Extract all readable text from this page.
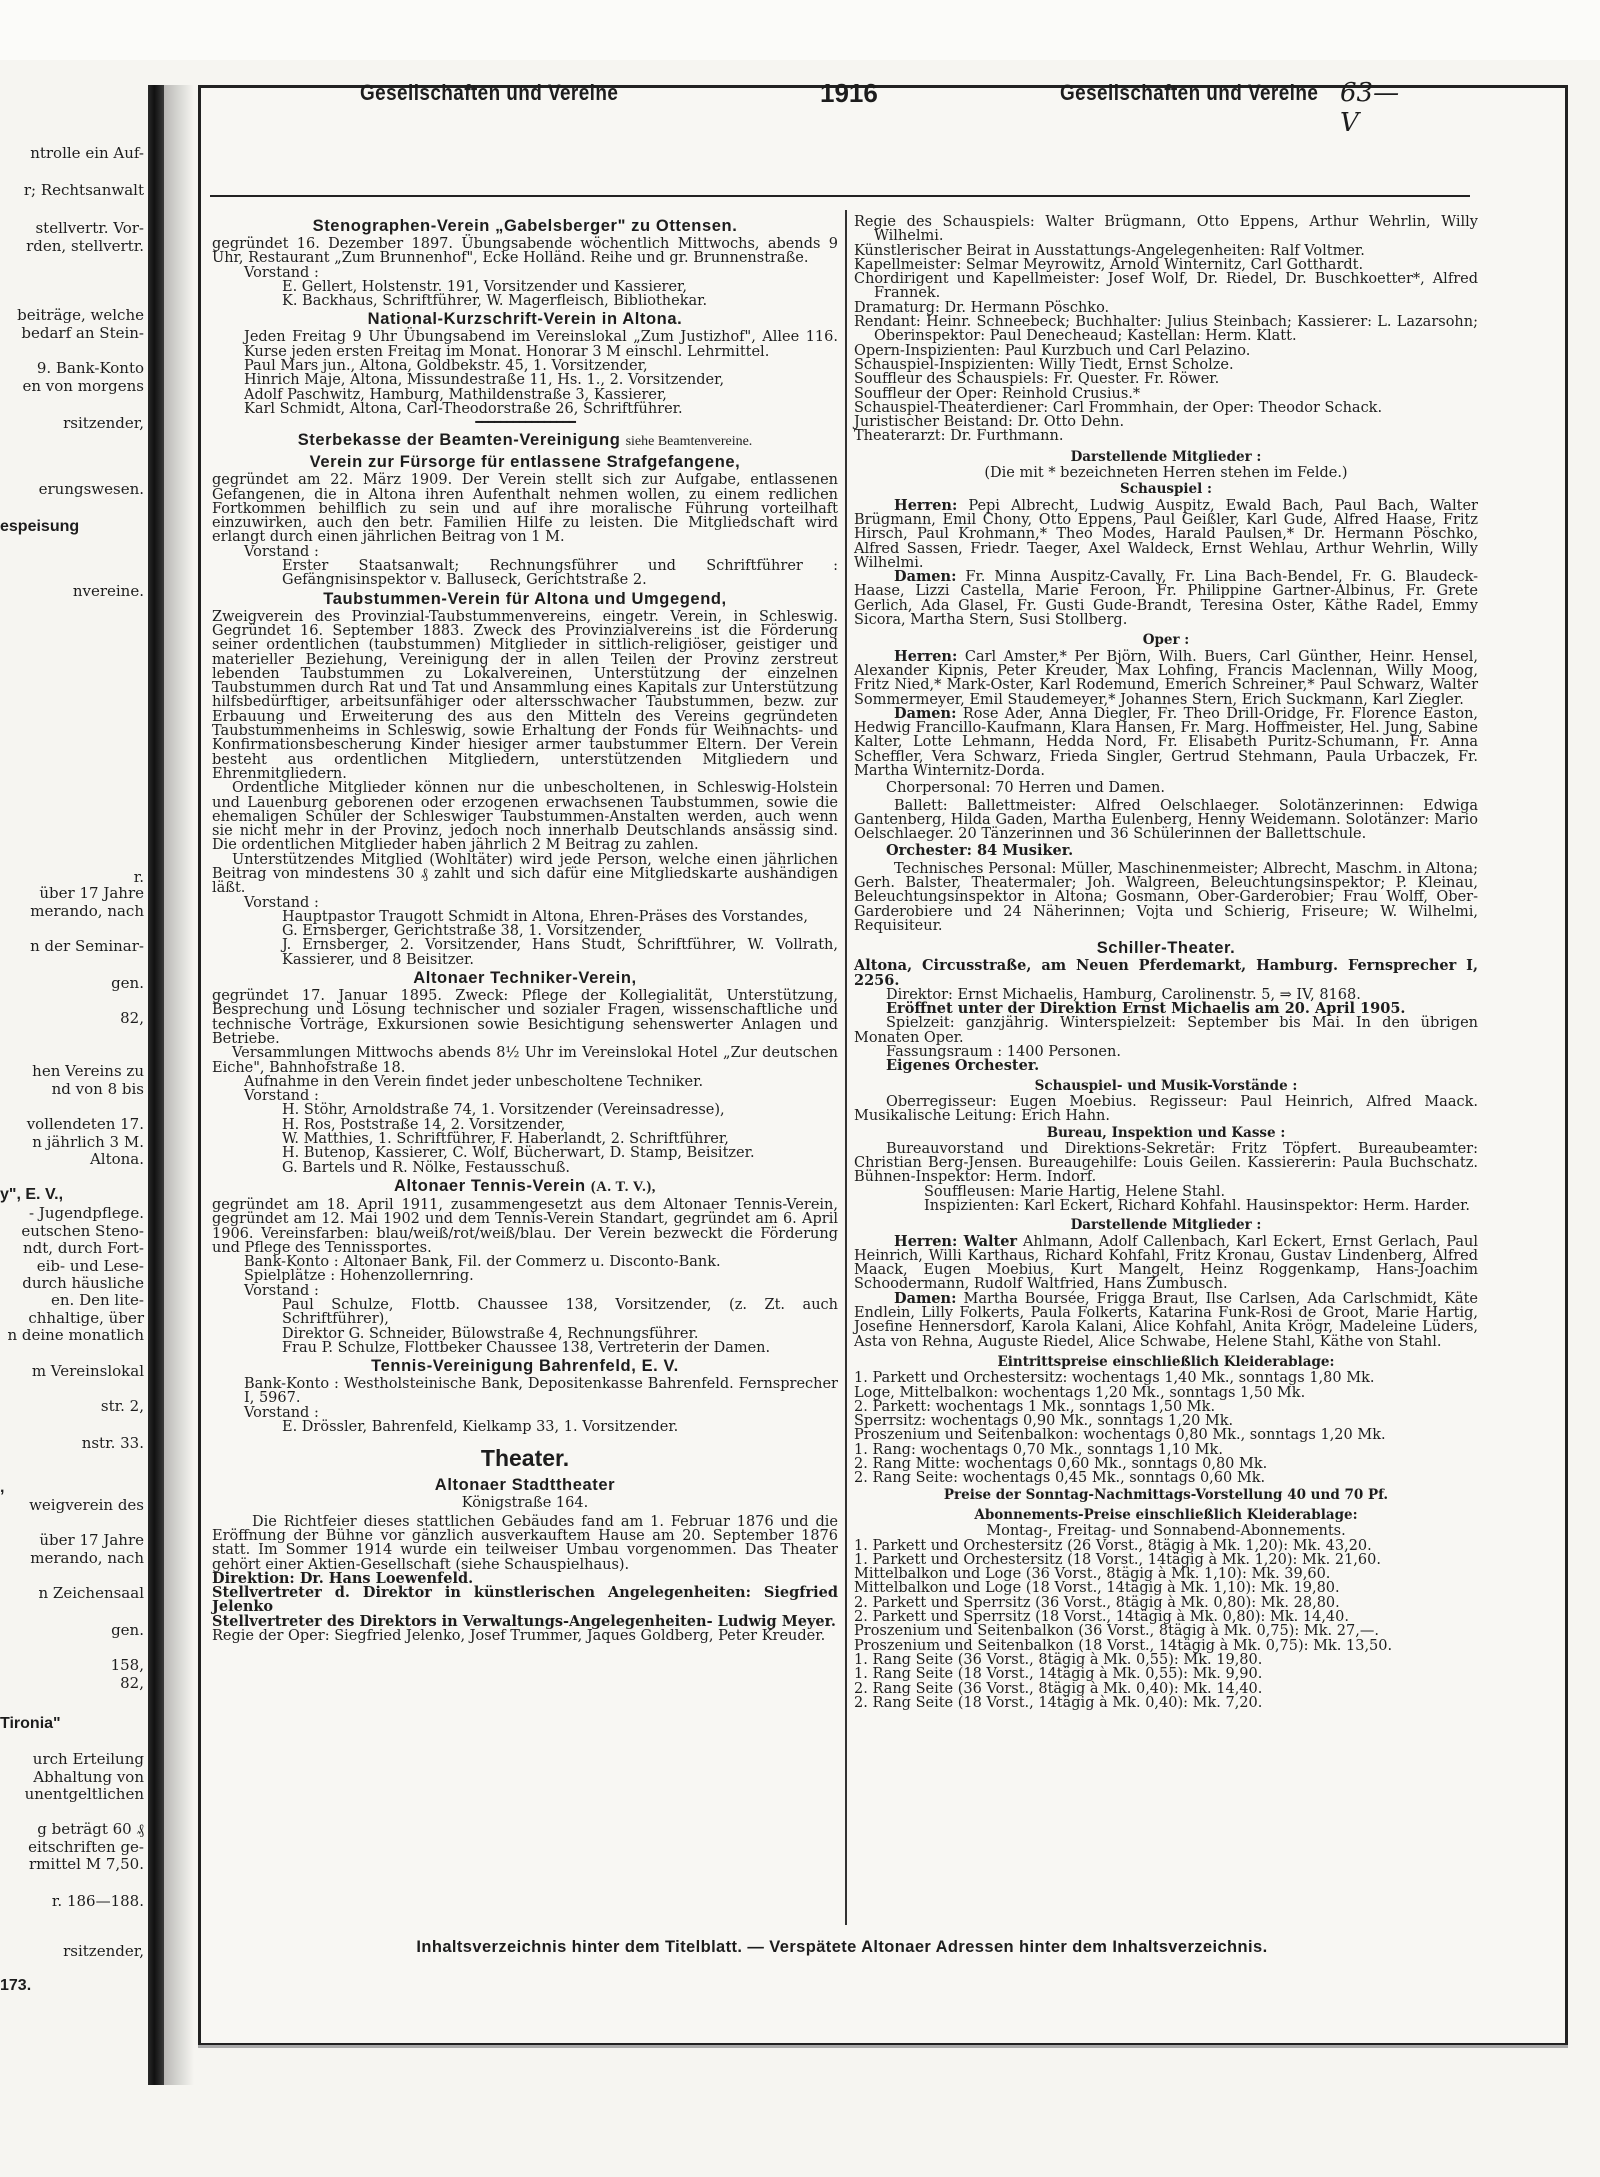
ntrolle ein Auf-
r; Rechtsanwalt
stellvertr. Vor-
rden, stellvertr.
beiträge, welche
bedarf an Stein-
9. Bank-Konto
en von morgens
rsitzender,
erungswesen.
espeisung
nvereine.
r.
über 17 Jahre
merando, nach
n der Seminar-
gen.
82,
hen Vereins zu
nd von 8 bis
vollendeten 17.
n jährlich 3 M.
Altona.
y", E. V.,
- Jugendpflege.
eutschen Steno-
ndt, durch Fort-
eib- und Lese-
durch häusliche
en. Den lite-
chhaltige, über
n deine monatlich
m Vereinslokal
str. 2,
nstr. 33.
,
weigverein des
über 17 Jahre
merando, nach
n Zeichensaal
gen.
158,
82,
Tironia"
urch Erteilung
Abhaltung von
unentgeltlichen
g beträgt 60 ₰
eitschriften ge-
rmittel M 7,50.
r. 186—188.
rsitzender,
173.
Gesellschaften und Vereine	1916	Gesellschaften und Vereine 63—V
Stenographen-Verein „Gabelsberger" zu Ottensen.

gegründet 16. Dezember 1897. Übungsabende wöchentlich Mittwochs, abends 9 Uhr, Restaurant „Zum Brunnenhof", Ecke Holländ. Reihe und gr. Brunnenstraße.

Vorstand :

E. Gellert, Holstenstr. 191, Vorsitzender und Kassierer,

K. Backhaus, Schriftführer, W. Magerfleisch, Bibliothekar.

National-Kurzschrift-Verein in Altona.

Jeden Freitag 9 Uhr Übungsabend im Vereinslokal „Zum Justizhof", Allee 116. Kurse jeden ersten Freitag im Monat. Honorar 3 M einschl. Lehrmittel.

Paul Mars jun., Altona, Goldbekstr. 45, 1. Vorsitzender,

Hinrich Maje, Altona, Missundestraße 11, Hs. 1., 2. Vorsitzender,

Adolf Paschwitz, Hamburg, Mathildenstraße 3, Kassierer,

Karl Schmidt, Altona, Carl-Theodorstraße 26, Schriftführer.

━━━━━━━━━━━━━━━━
Sterbekasse der Beamten-Vereinigung siehe Beamtenvereine.
Verein zur Fürsorge für entlassene Strafgefangene,

gegründet am 22. März 1909. Der Verein stellt sich zur Aufgabe, entlassenen Gefangenen, die in Altona ihren Aufenthalt nehmen wollen, zu einem redlichen Fortkommen behilflich zu sein und auf ihre moralische Führung vorteilhaft einzuwirken, auch den betr. Familien Hilfe zu leisten. Die Mitgliedschaft wird erlangt durch einen jährlichen Beitrag von 1 M.

Vorstand :

Erster Staatsanwalt; Rechnungsführer und Schriftführer : Gefängnisinspektor v. Balluseck, Gerichtstraße 2.

Taubstummen-Verein für Altona und Umgegend,

Zweigverein des Provinzial-Taubstummenvereins, eingetr. Verein, in Schleswig. Gegründet 16. September 1883. Zweck des Provinzialvereins ist die Förderung seiner ordentlichen (taubstummen) Mitglieder in sittlich-religiöser, geistiger und materieller Beziehung, Vereinigung der in allen Teilen der Provinz zerstreut lebenden Taubstummen zu Lokalvereinen, Unterstützung der einzelnen Taubstummen durch Rat und Tat und Ansammlung eines Kapitals zur Unterstützung hilfsbedürftiger, arbeitsunfähiger oder altersschwacher Taubstummen, bezw. zur Erbauung und Erweiterung des aus den Mitteln des Vereins gegründeten Taubstummenheims in Schleswig, sowie Erhaltung der Fonds für Weihnachts- und Konfirmationsbescherung Kinder hiesiger armer taubstummer Eltern. Der Verein besteht aus ordentlichen Mitgliedern, unterstützenden Mitgliedern und Ehrenmitgliedern.

Ordentliche Mitglieder können nur die unbescholtenen, in Schleswig-Holstein und Lauenburg geborenen oder erzogenen erwachsenen Taubstummen, sowie die ehemaligen Schüler der Schleswiger Taubstummen-Anstalten werden, auch wenn sie nicht mehr in der Provinz, jedoch noch innerhalb Deutschlands ansässig sind. Die ordentlichen Mitglieder haben jährlich 2 M Beitrag zu zahlen.

Unterstützendes Mitglied (Wohltäter) wird jede Person, welche einen jährlichen Beitrag von mindestens 30 ₰ zahlt und sich dafür eine Mitgliedskarte aushändigen läßt.

Vorstand :

Hauptpastor Traugott Schmidt in Altona, Ehren-Präses des Vorstandes,

G. Ernsberger, Gerichtstraße 38, 1. Vorsitzender,

J. Ernsberger, 2. Vorsitzender, Hans Studt, Schriftführer, W. Vollrath, Kassierer, und 8 Beisitzer.

Altonaer Techniker-Verein,

gegründet 17. Januar 1895. Zweck: Pflege der Kollegialität, Unterstützung, Besprechung und Lösung technischer und sozialer Fragen, wissenschaftliche und technische Vorträge, Exkursionen sowie Besichtigung sehenswerter Anlagen und Betriebe.

Versammlungen Mittwochs abends 8½ Uhr im Vereinslokal Hotel „Zur deutschen Eiche", Bahnhofstraße 18.

Aufnahme in den Verein findet jeder unbescholtene Techniker.

Vorstand :

H. Stöhr, Arnoldstraße 74, 1. Vorsitzender (Vereinsadresse),

H. Ros, Poststraße 14, 2. Vorsitzender,

W. Matthies, 1. Schriftführer, F. Haberlandt, 2. Schriftführer,

H. Butenop, Kassierer, C. Wolf, Bücherwart, D. Stamp, Beisitzer.

G. Bartels und R. Nölke, Festausschuß.

Altonaer Tennis-Verein (A. T. V.),

gegründet am 18. April 1911, zusammengesetzt aus dem Altonaer Tennis-Verein, gegründet am 12. Mai 1902 und dem Tennis-Verein Standart, gegründet am 6. April 1906. Vereinsfarben: blau/weiß/rot/weiß/blau. Der Verein bezweckt die Förderung und Pflege des Tennissportes.

Bank-Konto : Altonaer Bank, Fil. der Commerz u. Disconto-Bank.

Spielplätze : Hohenzollernring.

Vorstand :

Paul Schulze, Flottb. Chaussee 138, Vorsitzender, (z. Zt. auch Schriftführer),

Direktor G. Schneider, Bülowstraße 4, Rechnungsführer.

Frau P. Schulze, Flottbeker Chaussee 138, Vertreterin der Damen.

Tennis-Vereinigung Bahrenfeld, E. V.

Bank-Konto : Westholsteinische Bank, Depositenkasse Bahrenfeld. Fernsprecher I, 5967.

Vorstand :

E. Drössler, Bahrenfeld, Kielkamp 33, 1. Vorsitzender.

Theater.
Altonaer Stadttheater

Königstraße 164.

Die Richtfeier dieses stattlichen Gebäudes fand am 1. Februar 1876 und die Eröffnung der Bühne vor gänzlich ausverkauftem Hause am 20. September 1876 statt. Im Sommer 1914 wurde ein teilweiser Umbau vorgenommen. Das Theater gehört einer Aktien-Gesellschaft (siehe Schauspielhaus).

Direktion: Dr. Hans Loewenfeld.

Stellvertreter d. Direktor in künstlerischen Angelegenheiten: Siegfried Jelenko

Stellvertreter des Direktors in Verwaltungs-Angelegenheiten- Ludwig Meyer.

Regie der Oper: Siegfried Jelenko, Josef Trummer, Jaques Goldberg, Peter Kreuder.

Regie des Schauspiels: Walter Brügmann, Otto Eppens, Arthur Wehrlin, Willy Wilhelmi.

Künstlerischer Beirat in Ausstattungs-Angelegenheiten: Ralf Voltmer.

Kapellmeister: Selmar Meyrowitz, Arnold Winternitz, Carl Gotthardt.

Chordirigent und Kapellmeister: Josef Wolf, Dr. Riedel, Dr. Buschkoetter*, Alfred Frannek.

Dramaturg: Dr. Hermann Pöschko.

Rendant: Heinr. Schneebeck; Buchhalter: Julius Steinbach; Kassierer: L. Lazarsohn; Oberinspektor: Paul Denecheaud; Kastellan: Herm. Klatt.

Opern-Inspizienten: Paul Kurzbuch und Carl Pelazino.

Schauspiel-Inspizienten: Willy Tiedt, Ernst Scholze.

Souffleur des Schauspiels: Fr. Quester. Fr. Röwer.

Souffleur der Oper: Reinhold Crusius.*

Schauspiel-Theaterdiener: Carl Frommhain, der Oper: Theodor Schack.

Juristischer Beistand: Dr. Otto Dehn.

Theaterarzt: Dr. Furthmann.

Darstellende Mitglieder :

(Die mit * bezeichneten Herren stehen im Felde.)

Schauspiel :

Herren: Pepi Albrecht, Ludwig Auspitz, Ewald Bach, Paul Bach, Walter Brügmann, Emil Chony, Otto Eppens, Paul Geißler, Karl Gude, Alfred Haase, Fritz Hirsch, Paul Krohmann,* Theo Modes, Harald Paulsen,* Dr. Hermann Pöschko, Alfred Sassen, Friedr. Taeger, Axel Waldeck, Ernst Wehlau, Arthur Wehrlin, Willy Wilhelmi.

Damen: Fr. Minna Auspitz-Cavally, Fr. Lina Bach-Bendel, Fr. G. Blaudeck-Haase, Lizzi Castella, Marie Feroon, Fr. Philippine Gartner-Albinus, Fr. Grete Gerlich, Ada Glasel, Fr. Gusti Gude-Brandt, Teresina Oster, Käthe Radel, Emmy Sicora, Martha Stern, Susi Stollberg.

Oper :

Herren: Carl Amster,* Per Björn, Wilh. Buers, Carl Günther, Heinr. Hensel, Alexander Kipnis, Peter Kreuder, Max Lohfing, Francis Maclennan, Willy Moog, Fritz Nied,* Mark-Oster, Karl Rodemund, Emerich Schreiner,* Paul Schwarz, Walter Sommermeyer, Emil Staudemeyer,* Johannes Stern, Erich Suckmann, Karl Ziegler.

Damen: Rose Ader, Anna Diegler, Fr. Theo Drill-Oridge, Fr. Florence Easton, Hedwig Francillo-Kaufmann, Klara Hansen, Fr. Marg. Hoffmeister, Hel. Jung, Sabine Kalter, Lotte Lehmann, Hedda Nord, Fr. Elisabeth Puritz-Schumann, Fr. Anna Scheffler, Vera Schwarz, Frieda Singler, Gertrud Stehmann, Paula Urbaczek, Fr. Martha Winternitz-Dorda.

Chorpersonal: 70 Herren und Damen.

Ballett: Ballettmeister: Alfred Oelschlaeger. Solotänzerinnen: Edwiga Gantenberg, Hilda Gaden, Martha Eulenberg, Henny Weidemann. Solotänzer: Mario Oelschlaeger. 20 Tänzerinnen und 36 Schülerinnen der Ballettschule.

Orchester: 84 Musiker.

Technisches Personal: Müller, Maschinenmeister; Albrecht, Maschm. in Altona; Gerh. Balster, Theatermaler; Joh. Walgreen, Beleuchtungsinspektor; P. Kleinau, Beleuchtungsinspektor in Altona; Gosmann, Ober-Garderobier; Frau Wolff, Ober-Garderobiere und 24 Näherinnen; Vojta und Schierig, Friseure; W. Wilhelmi, Requisiteur.

Schiller-Theater.

Altona, Circusstraße, am Neuen Pferdemarkt, Hamburg. Fernsprecher I, 2256.

Direktor: Ernst Michaelis, Hamburg, Carolinenstr. 5, ⇒ IV, 8168.

Eröffnet unter der Direktion Ernst Michaelis am 20. April 1905.

Spielzeit: ganzjährig. Winterspielzeit: September bis Mai. In den übrigen Monaten Oper.

Fassungsraum : 1400 Personen.

Eigenes Orchester.

Schauspiel- und Musik-Vorstände :

Oberregisseur: Eugen Moebius. Regisseur: Paul Heinrich, Alfred Maack. Musikalische Leitung: Erich Hahn.

Bureau, Inspektion und Kasse :

Bureauvorstand und Direktions-Sekretär: Fritz Töpfert. Bureaubeamter: Christian Berg-Jensen. Bureaugehilfe: Louis Geilen. Kassiererin: Paula Buchschatz. Bühnen-Inspektor: Herm. Indorf.

Souffleusen: Marie Hartig, Helene Stahl.

Inspizienten: Karl Eckert, Richard Kohfahl. Hausinspektor: Herm. Harder.

Darstellende Mitglieder :

Herren: Walter Ahlmann, Adolf Callenbach, Karl Eckert, Ernst Gerlach, Paul Heinrich, Willi Karthaus, Richard Kohfahl, Fritz Kronau, Gustav Lindenberg, Alfred Maack, Eugen Moebius, Kurt Mangelt, Heinz Roggenkamp, Hans-Joachim Schoodermann, Rudolf Waltfried, Hans Zumbusch.

Damen: Martha Boursée, Frigga Braut, Ilse Carlsen, Ada Carlschmidt, Käte Endlein, Lilly Folkerts, Paula Folkerts, Katarina Funk-Rosi de Groot, Marie Hartig, Josefine Hennersdorf, Karola Kalani, Alice Kohfahl, Anita Krögr, Madeleine Lüders, Asta von Rehna, Auguste Riedel, Alice Schwabe, Helene Stahl, Käthe von Stahl.

Eintrittspreise einschließlich Kleiderablage:

1. Parkett und Orchestersitz: wochentags 1,40 Mk., sonntags 1,80 Mk.

Loge, Mittelbalkon: wochentags 1,20 Mk., sonntags 1,50 Mk.

2. Parkett: wochentags 1 Mk., sonntags 1,50 Mk.

Sperrsitz: wochentags 0,90 Mk., sonntags 1,20 Mk.

Proszenium und Seitenbalkon: wochentags 0,80 Mk., sonntags 1,20 Mk.

1. Rang: wochentags 0,70 Mk., sonntags 1,10 Mk.

2. Rang Mitte: wochentags 0,60 Mk., sonntags 0,80 Mk.

2. Rang Seite: wochentags 0,45 Mk., sonntags 0,60 Mk.

Preise der Sonntag-Nachmittags-Vorstellung 40 und 70 Pf.
Abonnements-Preise einschließlich Kleiderablage:

Montag-, Freitag- und Sonnabend-Abonnements.

1. Parkett und Orchestersitz (26 Vorst., 8tägig à Mk. 1,20): Mk. 43,20.

1. Parkett und Orchestersitz (18 Vorst., 14tägig à Mk. 1,20): Mk. 21,60.

Mittelbalkon und Loge (36 Vorst., 8tägig à Mk. 1,10): Mk. 39,60.

Mittelbalkon und Loge (18 Vorst., 14tägig à Mk. 1,10): Mk. 19,80.

2. Parkett und Sperrsitz (36 Vorst., 8tägig à Mk. 0,80): Mk. 28,80.

2. Parkett und Sperrsitz (18 Vorst., 14tägig à Mk. 0,80): Mk. 14,40.

Proszenium und Seitenbalkon (36 Vorst., 8tägig à Mk. 0,75): Mk. 27,—.

Proszenium und Seitenbalkon (18 Vorst., 14tägig à Mk. 0,75): Mk. 13,50.

1. Rang Seite (36 Vorst., 8tägig à Mk. 0,55): Mk. 19,80.

1. Rang Seite (18 Vorst., 14tägig à Mk. 0,55): Mk. 9,90.

2. Rang Seite (36 Vorst., 8tägig à Mk. 0,40): Mk. 14,40.

2. Rang Seite (18 Vorst., 14tägig à Mk. 0,40): Mk. 7,20.

Inhaltsverzeichnis hinter dem Titelblatt. — Verspätete Altonaer Adressen hinter dem Inhaltsverzeichnis.
